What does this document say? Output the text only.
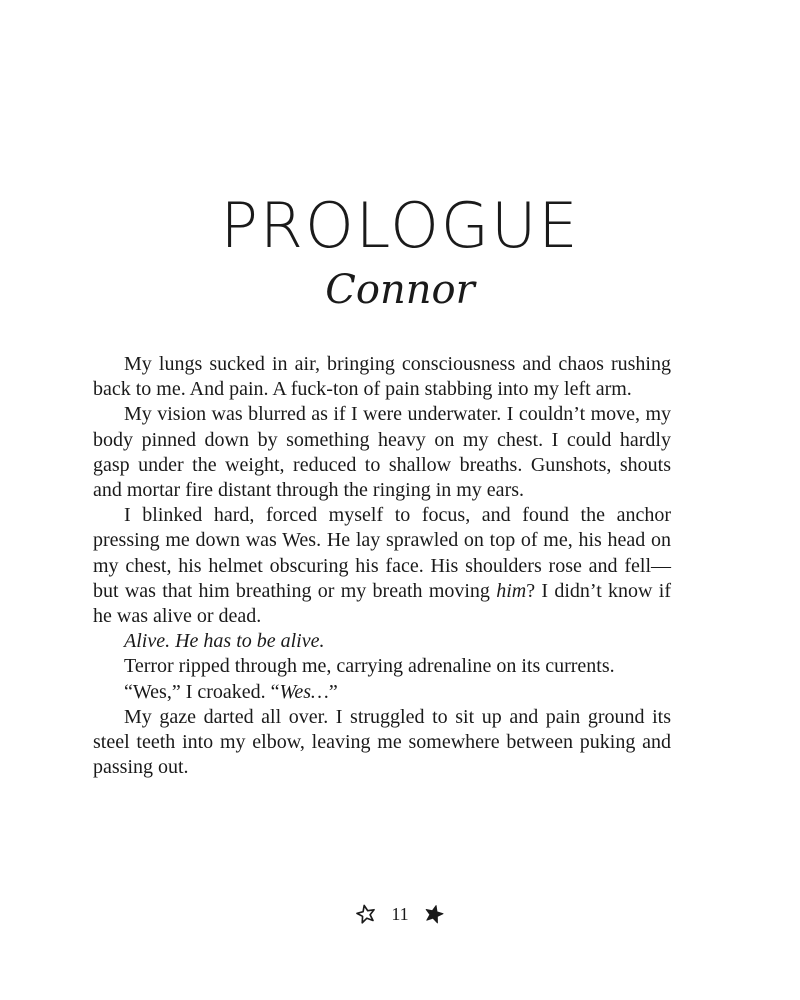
PROLOGUE
Connor

My lungs sucked in air, bringing consciousness and chaos rushing back to me. And pain. A fuck-ton of pain stabbing into my left arm.

My vision was blurred as if I were underwater. I couldn’t move, my body pinned down by something heavy on my chest. I could hardly gasp under the weight, reduced to shallow breaths. Gunshots, shouts and mortar fire distant through the ringing in my ears.

I blinked hard, forced myself to focus, and found the anchor pressing me down was Wes. He lay sprawled on top of me, his head on my chest, his helmet obscuring his face. His shoulders rose and fell—but was that him breathing or my breath moving him? I didn’t know if he was alive or dead.

Alive. He has to be alive.

Terror ripped through me, carrying adrenaline on its currents.

“Wes,” I croaked. “Wes…”

My gaze darted all over. I struggled to sit up and pain ground its steel teeth into my elbow, leaving me somewhere between puking and passing out.

11
